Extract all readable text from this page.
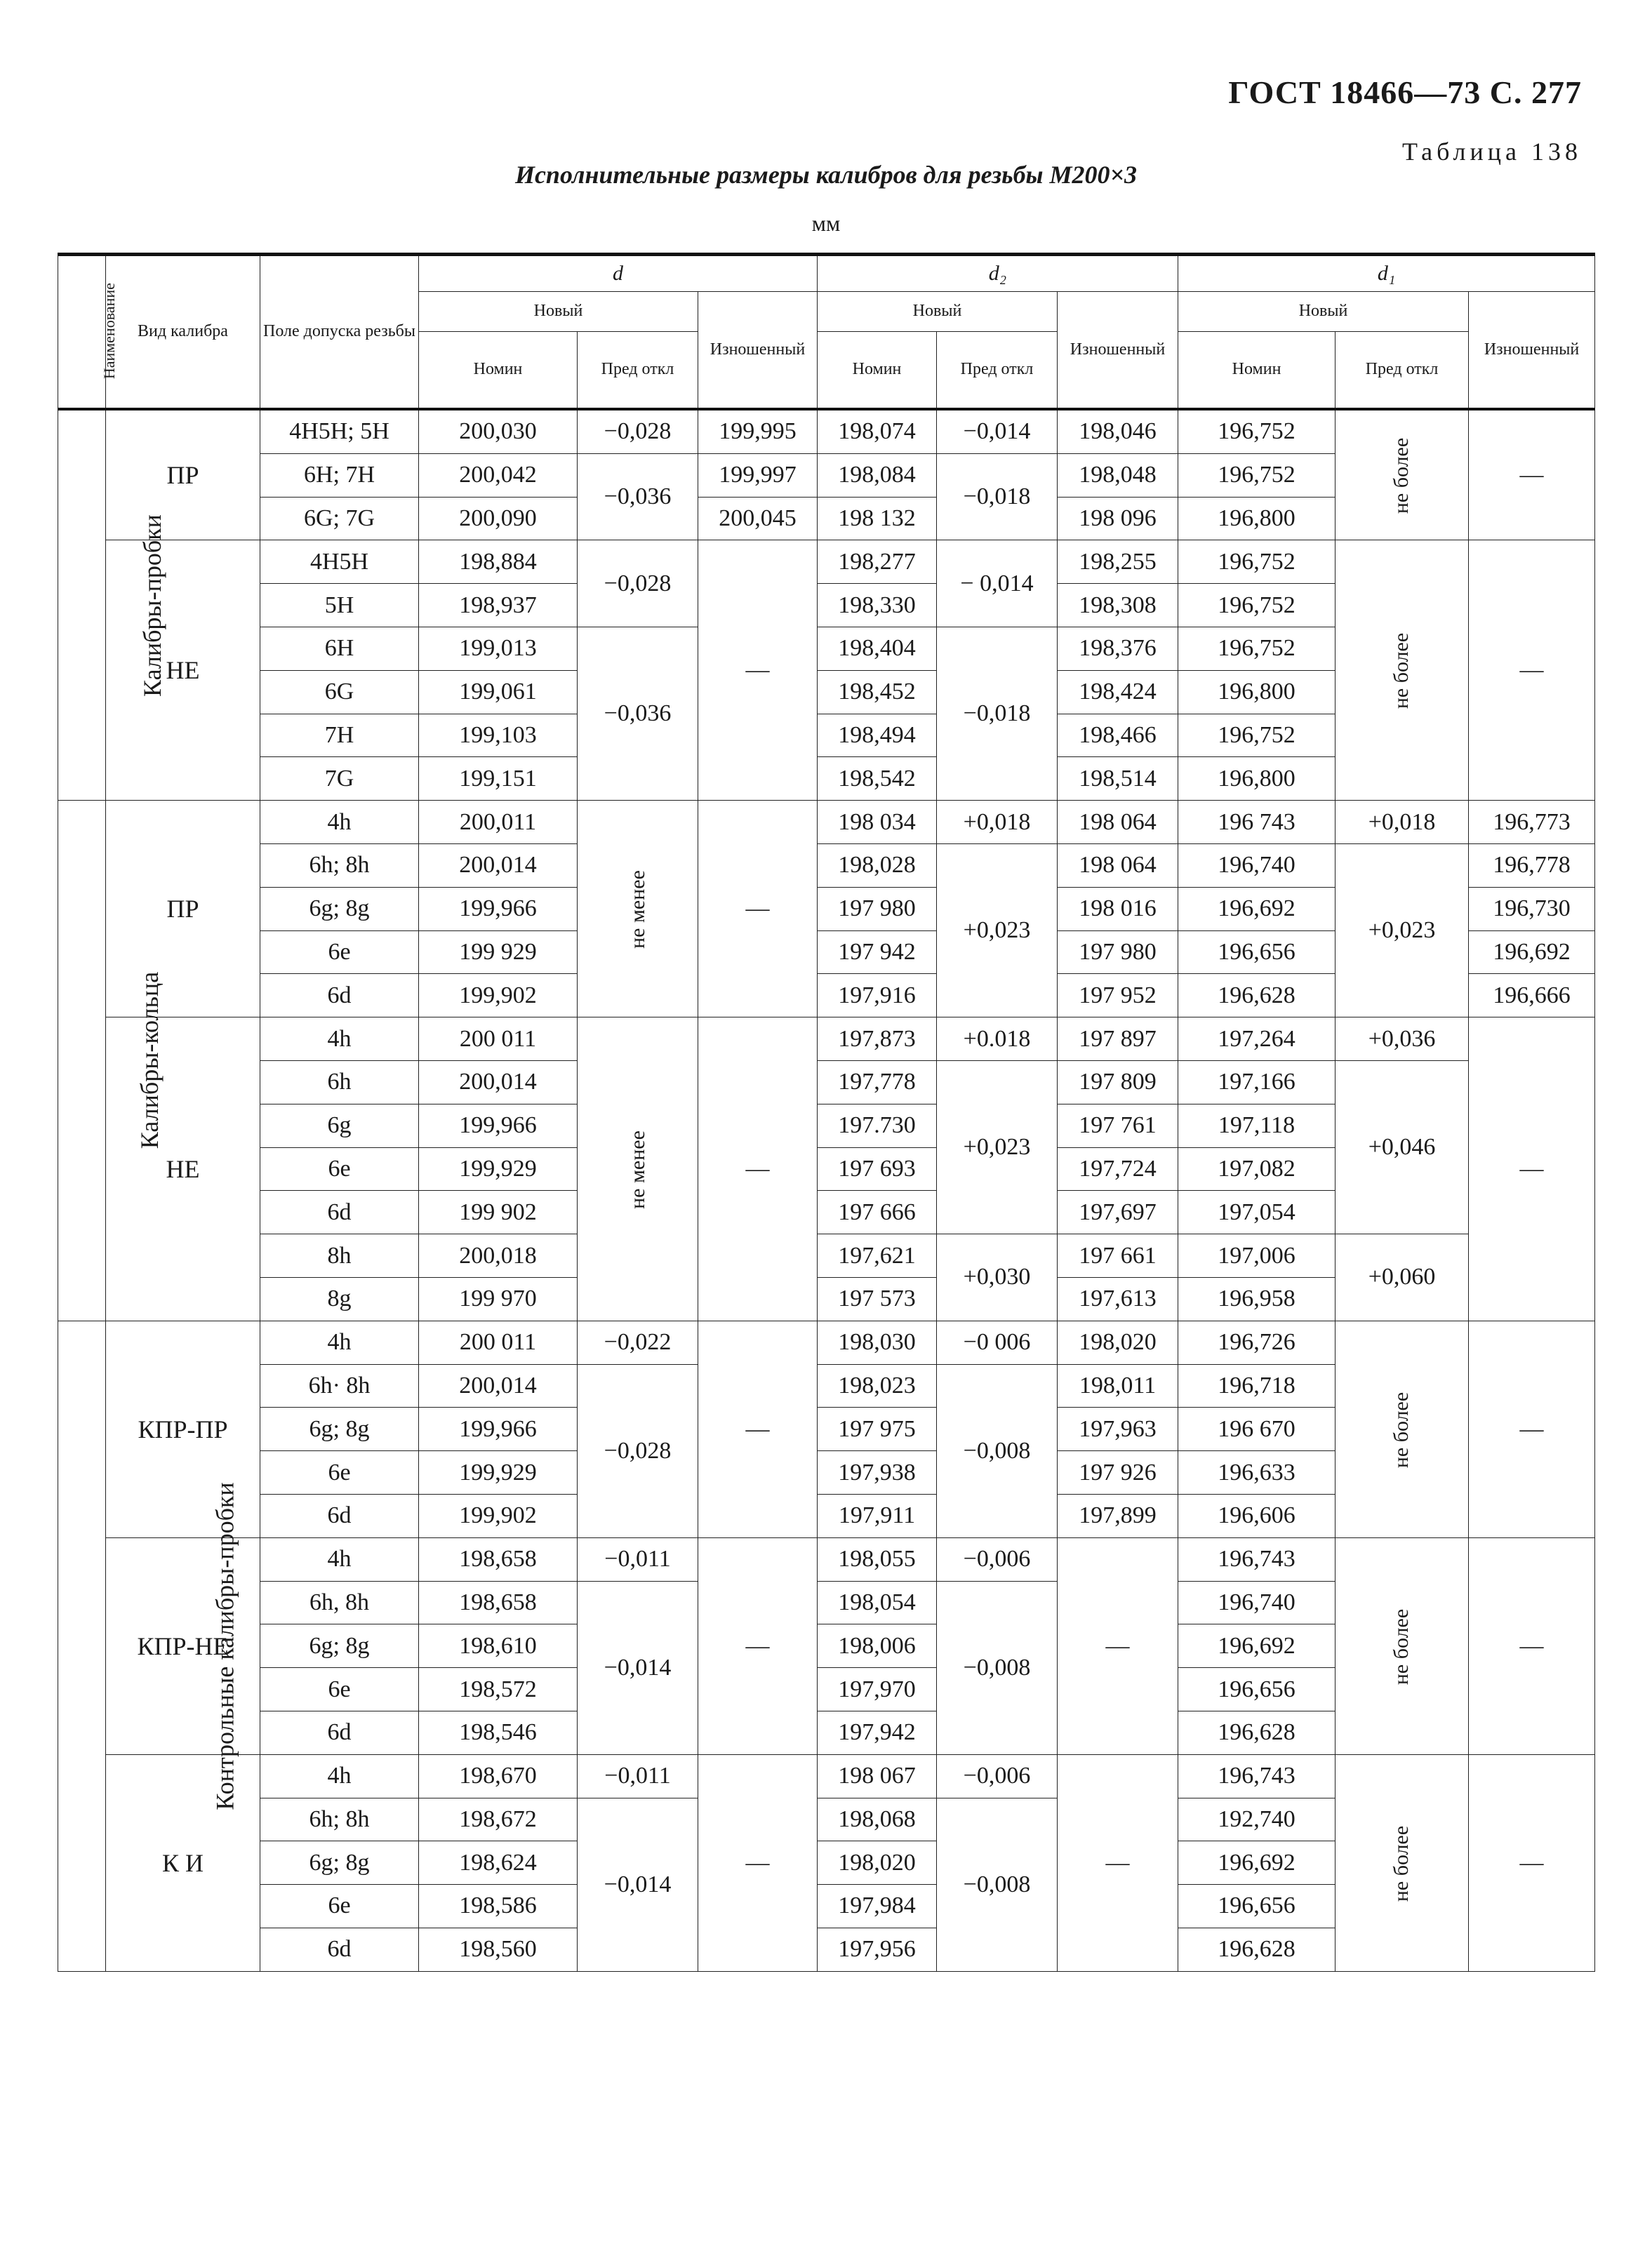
ГОСТ 18466—73 С. 277
Таблица 138
Исполнительные размеры калибров для резьбы М200×3
мм
Наименование	Вид калибра	Поле допуска резьбы	d			d₂			d₁		
			Новый		Изношенный	Новый		Изношенный	Новый		Изношенный
			Номин	Пред откл		Номин	Пред откл		Номин	Пред откл	
Калибры-пробки	ПР	4H5H; 5H	200,030	−0,028	199,995	198,074	−0,014	198,046	196,752	не более	—
		6H; 7H	200,042	−0,036	199,997	198,084	−0,018	198,048	196,752		
		6G; 7G	200,090		200,045	198 132		198 096	196,800		
	НЕ	4H5H	198,884	−0,028	—	198,277	− 0,014	198,255	196,752	не более	—
		5H	198,937			198,330		198,308	196,752		
		6H	199,013	−0,036		198,404	−0,018	198,376	196,752		
		6G	199,061			198,452		198,424	196,800		
		7H	199,103			198,494		198,466	196,752		
		7G	199,151			198,542		198,514	196,800		
Калибры-кольца	ПР	4h	200,011	не менее	—	198 034	+0,018	198 064	196 743	+0,018	196,773
		6h; 8h	200,014			198,028	+0,023	198 064	196,740	+0,023	196,778
		6g; 8g	199,966			197 980		198 016	196,692		196,730
		6e	199 929			197 942		197 980	196,656		196,692
		6d	199,902			197,916		197 952	196,628		196,666
	НЕ	4h	200 011	не менее	—	197,873	+0.018	197 897	197,264	+0,036	—
		6h	200,014			197,778	+0,023	197 809	197,166	+0,046	
		6g	199,966			197.730		197 761	197,118		
		6e	199,929			197 693		197,724	197,082		
		6d	199 902			197 666		197,697	197,054		
		8h	200,018			197,621	+0,030	197 661	197,006	+0,060	
		8g	199 970			197 573		197,613	196,958		
Контрольные калибры-пробки	КПР-ПР	4h	200 011	−0,022	—	198,030	−0 006	198,020	196,726	не более	—
		6h· 8h	200,014	−0,028		198,023	−0,008	198,011	196,718		
		6g; 8g	199,966			197 975		197,963	196 670		
		6e	199,929			197,938		197 926	196,633		
		6d	199,902			197,911		197,899	196,606		
	КПР-НЕ	4h	198,658	−0,011	—	198,055	−0,006	—	196,743	не более	—
		6h, 8h	198,658	−0,014		198,054	−0,008		196,740		
		6g; 8g	198,610			198,006			196,692		
		6e	198,572			197,970			196,656		
		6d	198,546			197,942			196,628		
	К И	4h	198,670	−0,011	—	198 067	−0,006	—	196,743	не более	—
		6h; 8h	198,672	−0,014		198,068	−0,008		192,740		
		6g; 8g	198,624			198,020			196,692		
		6e	198,586			197,984			196,656		
		6d	198,560			197,956			196,628		
